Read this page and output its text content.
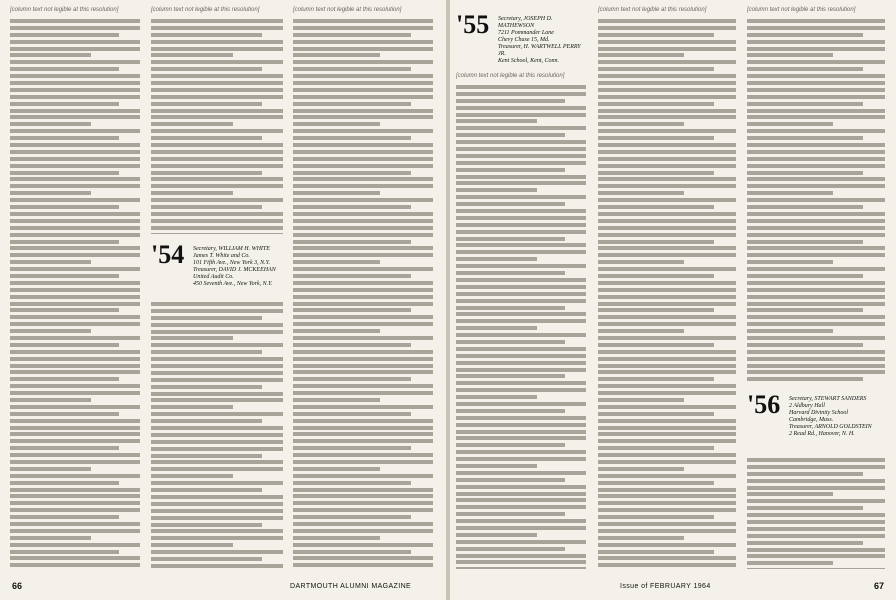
[column text not legible at this resolution]	[column text not legible at this resolution]
'54 Secretary, WILLIAM H. WHITE
James T. White and Co.
101 Fifth Ave., New York 3, N.Y.
Treasurer, DAVID J. MCKEEHAN
United Audit Co.
450 Seventh Ave., New York, N.Y.
[column text not legible at this resolution]
66	DARTMOUTH ALUMNI MAGAZINE
'55 Secretary, JOSEPH D. MATHEWSON
7211 Pommander Lane
Chevy Chase 15, Md.
Treasurer, H. WARTWELL PERRY JR.
Kent School, Kent, Conn.
[column text not legible at this resolution]
[column text not legible at this resolution]	[column text not legible at this resolution]
'56 Secretary, STEWART SANDERS
2 Aldbury Hall
Harvard Divinity School
Cambridge, Mass.
Treasurer, ARNOLD GOLDSTEIN
2 Read Rd., Hanover, N. H.
Issue of FEBRUARY 1964	67
